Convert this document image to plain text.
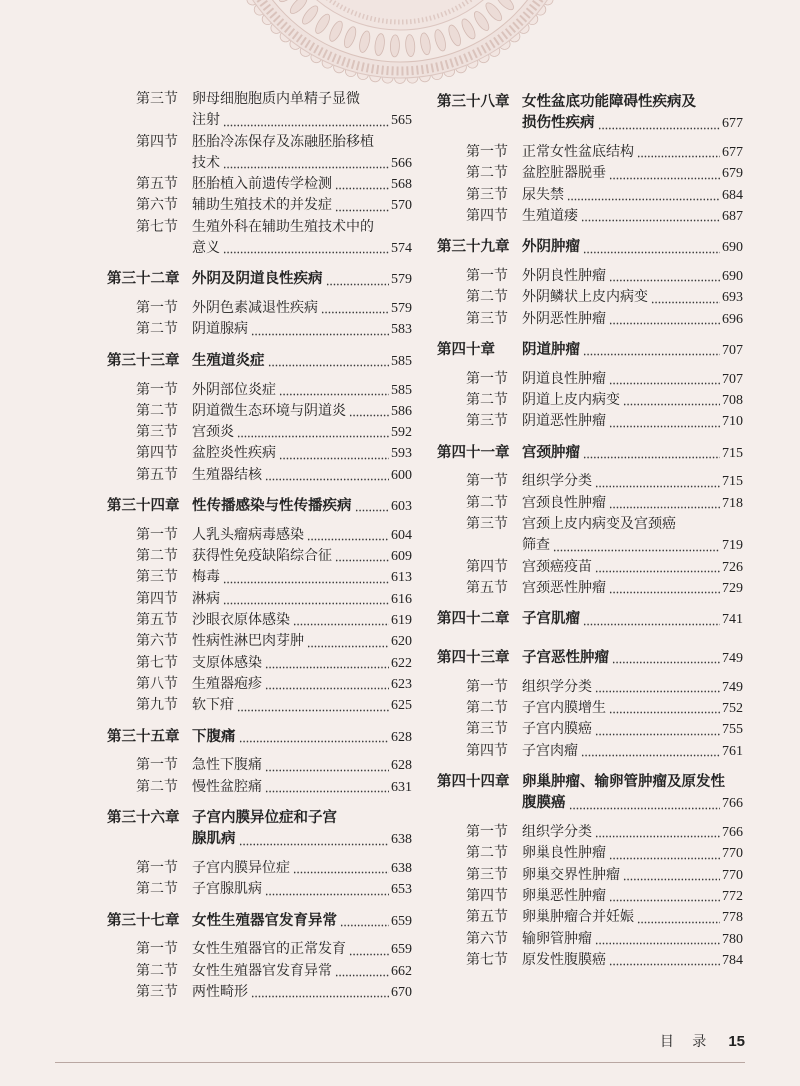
第三节 卵母细胞胞质内单精子显微
注射	565
第四节 胚胎冷冻保存及冻融胚胎移植
技术	566
第五节 胚胎植入前遗传学检测	568
第六节 辅助生殖技术的并发症	570
第七节 生殖外科在辅助生殖技术中的
意义	574
第三十二章 外阴及阴道良性疾病	579
第一节 外阴色素减退性疾病	579
第二节 阴道腺病	583
第三十三章 生殖道炎症	585
第一节 外阴部位炎症	585
第二节 阴道微生态环境与阴道炎	586
第三节 宫颈炎	592
第四节 盆腔炎性疾病	593
第五节 生殖器结核	600
第三十四章 性传播感染与性传播疾病	603
第一节 人乳头瘤病毒感染	604
第二节 获得性免疫缺陷综合征	609
第三节 梅毒	613
第四节 淋病	616
第五节 沙眼衣原体感染	619
第六节 性病性淋巴肉芽肿	620
第七节 支原体感染	622
第八节 生殖器疱疹	623
第九节 软下疳	625
第三十五章 下腹痛	628
第一节 急性下腹痛	628
第二节 慢性盆腔痛	631
第三十六章 子宫内膜异位症和子宫
腺肌病	638
第一节 子宫内膜异位症	638
第二节 子宫腺肌病	653
第三十七章 女性生殖器官发育异常	659
第一节 女性生殖器官的正常发育	659
第二节 女性生殖器官发育异常	662
第三节 两性畸形	670
第三十八章 女性盆底功能障碍性疾病及
损伤性疾病	677
第一节 正常女性盆底结构	677
第二节 盆腔脏器脱垂	679
第三节 尿失禁	684
第四节 生殖道瘘	687
第三十九章 外阴肿瘤	690
第一节 外阴良性肿瘤	690
第二节 外阴鳞状上皮内病变	693
第三节 外阴恶性肿瘤	696
第四十章 阴道肿瘤	707
第一节 阴道良性肿瘤	707
第二节 阴道上皮内病变	708
第三节 阴道恶性肿瘤	710
第四十一章 宫颈肿瘤	715
第一节 组织学分类	715
第二节 宫颈良性肿瘤	718
第三节 宫颈上皮内病变及宫颈癌
筛查	719
第四节 宫颈癌疫苗	726
第五节 宫颈恶性肿瘤	729
第四十二章 子宫肌瘤	741
第四十三章 子宫恶性肿瘤	749
第一节 组织学分类	749
第二节 子宫内膜增生	752
第三节 子宫内膜癌	755
第四节 子宫肉瘤	761
第四十四章 卵巢肿瘤、输卵管肿瘤及原发性
腹膜癌	766
第一节 组织学分类	766
第二节 卵巢良性肿瘤	770
第三节 卵巢交界性肿瘤	770
第四节 卵巢恶性肿瘤	772
第五节 卵巢肿瘤合并妊娠	778
第六节 输卵管肿瘤	780
第七节 原发性腹膜癌	784
目 录 15
